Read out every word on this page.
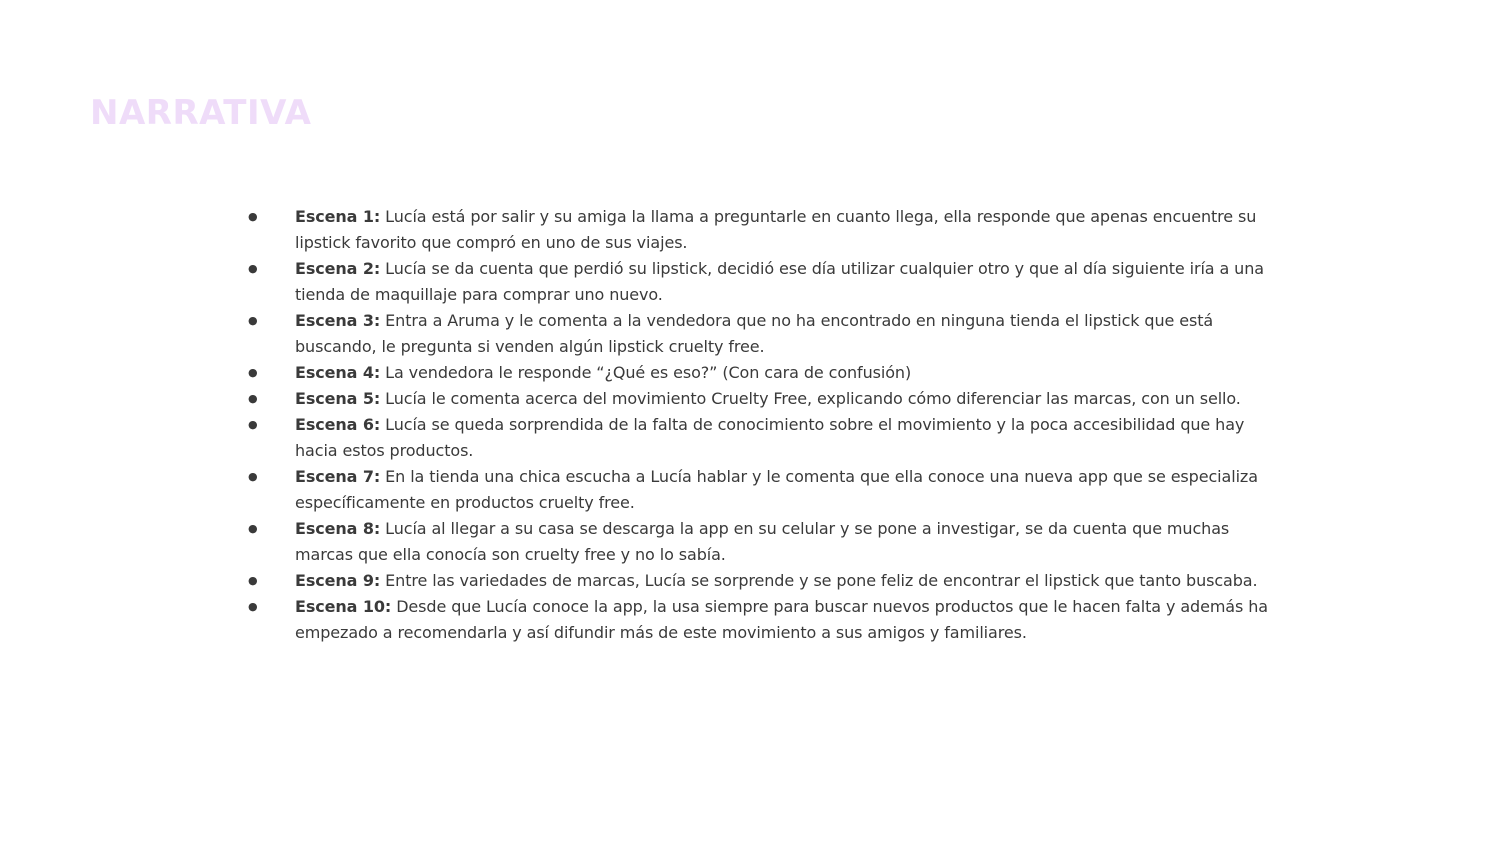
NARRATIVA
● Escena 1: Lucía está por salir y su amiga la llama a preguntarle en cuanto llega, ella responde que apenas encuentre su lipstick favorito que compró en uno de sus viajes.
● Escena 2: Lucía se da cuenta que perdió su lipstick, decidió ese día utilizar cualquier otro y que al día siguiente iría a una tienda de maquillaje para comprar uno nuevo.
● Escena 3: Entra a Aruma y le comenta a la vendedora que no ha encontrado en ninguna tienda el lipstick que está buscando, le pregunta si venden algún lipstick cruelty free.
● Escena 4: La vendedora le responde “¿Qué es eso?” (Con cara de confusión)
● Escena 5: Lucía le comenta acerca del movimiento Cruelty Free, explicando cómo diferenciar las marcas, con un sello.
● Escena 6: Lucía se queda sorprendida de la falta de conocimiento sobre el movimiento y la poca accesibilidad que hay hacia estos productos.
● Escena 7: En la tienda una chica escucha a Lucía hablar y le comenta que ella conoce una nueva app que se especializa específicamente en productos cruelty free.
● Escena 8: Lucía al llegar a su casa se descarga la app en su celular y se pone a investigar, se da cuenta que muchas marcas que ella conocía son cruelty free y no lo sabía.
● Escena 9: Entre las variedades de marcas, Lucía se sorprende y se pone feliz de encontrar el lipstick que tanto buscaba.
● Escena 10: Desde que Lucía conoce la app, la usa siempre para buscar nuevos productos que le hacen falta y además ha empezado a recomendarla y así difundir más de este movimiento a sus amigos y familiares.
